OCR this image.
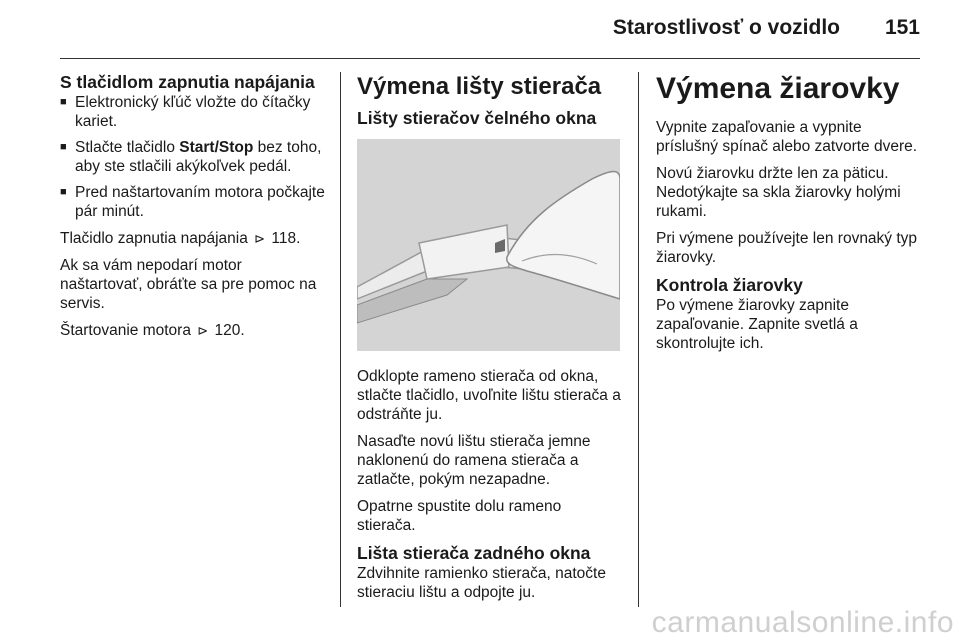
Starostlivosť o vozidlo 151
S tlačidlom zapnutia napájania
■ Elektronický kľúč vložte do čítačky kariet.
■ Stlačte tlačidlo Start/Stop bez toho, aby ste stlačili akýkoľvek pedál.
■ Pred naštartovaním motora počkajte pár minút.

Tlačidlo zapnutia napájania ⊳ 118.

Ak sa vám nepodarí motor naštartovať, obráťte sa pre pomoc na servis.

Štartovanie motora ⊳ 120.

Výmena lišty stierača
Lišty stieračov čelného okna

Odklopte rameno stierača od okna, stlačte tlačidlo, uvoľnite lištu stierača a odstráňte ju.

Nasaďte novú lištu stierača jemne naklonenú do ramena stierača a zatlačte, pokým nezapadne.

Opatrne spustite dolu rameno stierača.

Lišta stierača zadného okna

Zdvihnite ramienko stierača, natočte stieraciu lištu a odpojte ju.

Výmena žiarovky

Vypnite zapaľovanie a vypnite príslušný spínač alebo zatvorte dvere.

Novú žiarovku držte len za päticu. Nedotýkajte sa skla žiarovky holými rukami.

Pri výmene používejte len rovnaký typ žiarovky.

Kontrola žiarovky

Po výmene žiarovky zapnite zapaľovanie. Zapnite svetlá a skontrolujte ich.

carmanualsonline.info
